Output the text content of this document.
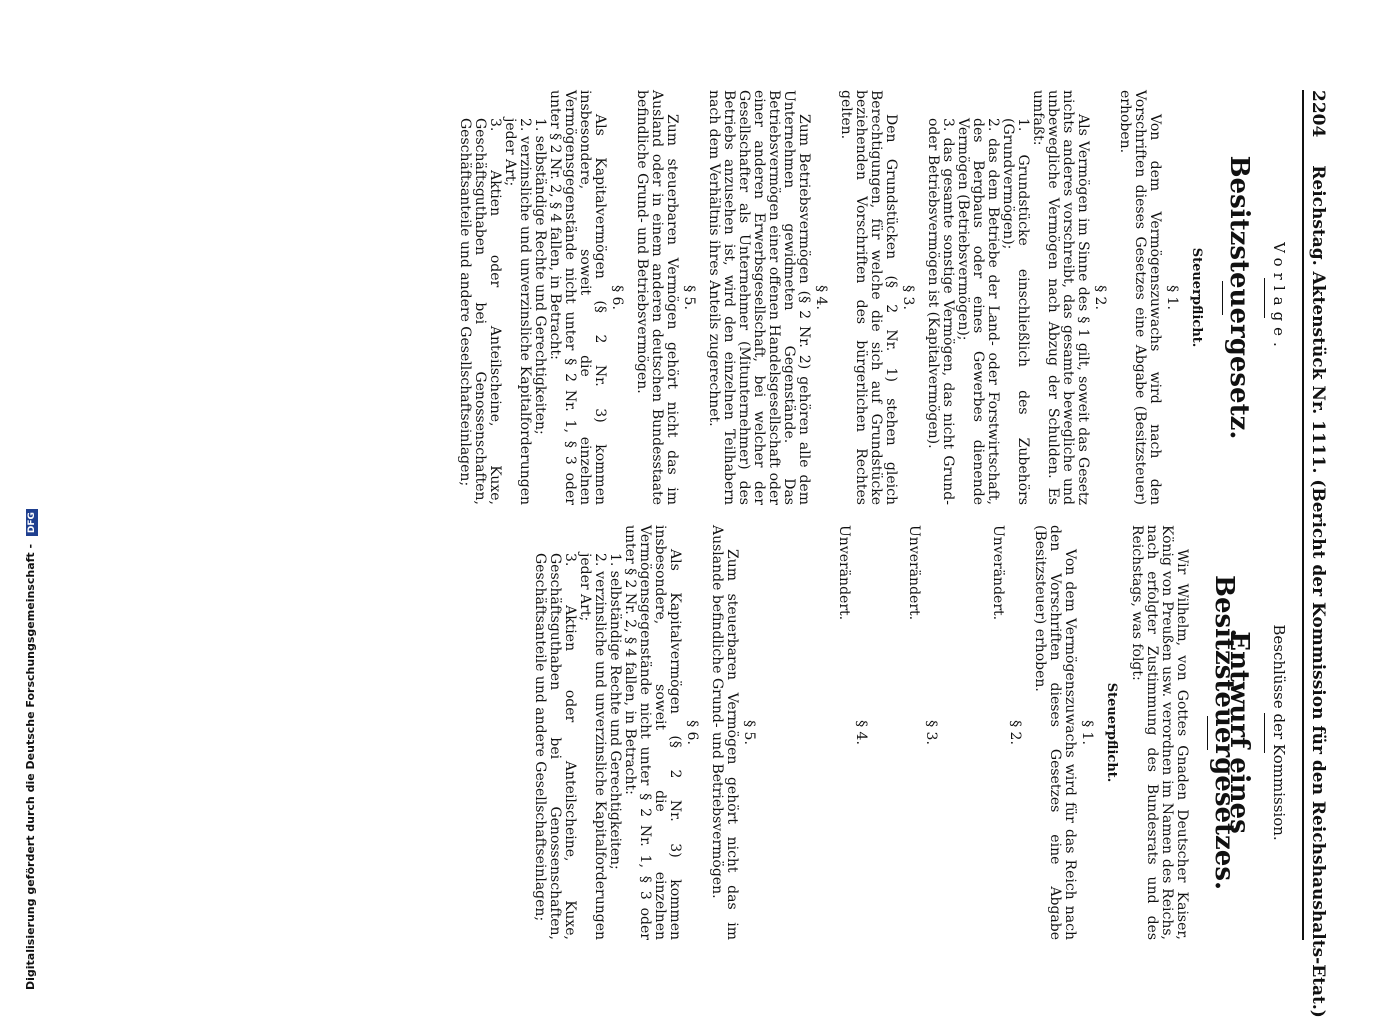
2204 Reichstag. Aktenstück Nr. 1111. (Bericht der Kommission für den Reichshaushalts-Etat.)
Vorlage.
Besitzsteuergesetz.
Steuerpflicht.
§ 1.

Von dem Vermögenszuwachs wird nach den Vorschriften dieses Gesetzes eine Abgabe (Besitzsteuer) erhoben.

§ 2.

Als Vermögen im Sinne des § 1 gilt, soweit das Gesetz nichts anderes vorschreibt, das gesamte bewegliche und unbewegliche Vermögen nach Abzug der Schulden. Es umfaßt:

1. Grundstücke einschließlich des Zubehörs (Grundvermögen);
2. das dem Betriebe der Land- oder Forstwirtschaft, des Bergbaus oder eines Gewerbes dienende Vermögen (Betriebsvermögen);
3. das gesamte sonstige Vermögen, das nicht Grund- oder Betriebsvermögen ist (Kapitalvermögen).
§ 3.

Den Grundstücken (§ 2 Nr. 1) stehen gleich Berechtigungen, für welche die sich auf Grundstücke beziehenden Vorschriften des bürgerlichen Rechtes gelten.

§ 4.

Zum Betriebsvermögen (§ 2 Nr. 2) gehören alle dem Unternehmen gewidmeten Gegenstände. Das Betriebsvermögen einer offenen Handelsgesellschaft oder einer anderen Erwerbsgesellschaft, bei welcher der Gesellschafter als Unternehmer (Mitunternehmer) des Betriebs anzusehen ist, wird den einzelnen Teilhabern nach dem Verhältnis ihres Anteils zugerechnet.

§ 5.

Zum steuerbaren Vermögen gehört nicht das im Ausland oder in einem anderen deutschen Bundesstaate befindliche Grund- und Betriebsvermögen.

§ 6.

Als Kapitalvermögen (§ 2 Nr. 3) kommen insbesondere, soweit die einzelnen Vermögensgegenstände nicht unter § 2 Nr. 1, § 3 oder unter § 2 Nr. 2, § 4 fallen, in Betracht:

1. selbständige Rechte und Gerechtigkeiten;
2. verzinsliche und unverzinsliche Kapitalforderungen jeder Art;
3. Aktien oder Anteilscheine, Kuxe, Geschäftsguthaben bei Genossenschaften, Geschäftsanteile und andere Gesellschaftseinlagen;
Beschlüsse der Kommission.
Entwurf eines Besitzsteuergesetzes.

Wir Wilhelm, von Gottes Gnaden Deutscher Kaiser, König von Preußen usw. verordnen im Namen des Reichs, nach erfolgter Zustimmung des Bundesrats und des Reichstags, was folgt:

Steuerpflicht.
§ 1.

Von dem Vermögenszuwachs wird für das Reich nach den Vorschriften dieses Gesetzes eine Abgabe (Besitzsteuer) erhoben.

§ 2.

Unverändert.

§ 3.

Unverändert.

§ 4.

Unverändert.

§ 5.

Zum steuerbaren Vermögen gehört nicht das im Auslande befindliche Grund- und Betriebsvermögen.

§ 6.

Als Kapitalvermögen (§ 2 Nr. 3) kommen insbesondere, soweit die einzelnen Vermögensgegenstände nicht unter § 2 Nr. 1, § 3 oder unter § 2 Nr. 2, § 4 fallen, in Betracht:

1. selbständige Rechte und Gerechtigkeiten;
2. verzinsliche und unverzinsliche Kapitalforderungen jeder Art;
3. Aktien oder Anteilscheine, Kuxe, Geschäftsguthaben bei Genossenschaften, Geschäftsanteile und andere Gesellschaftseinlagen;
Digitalisierung gefördert durch die Deutsche Forschungsgemeinschaft - DFG
